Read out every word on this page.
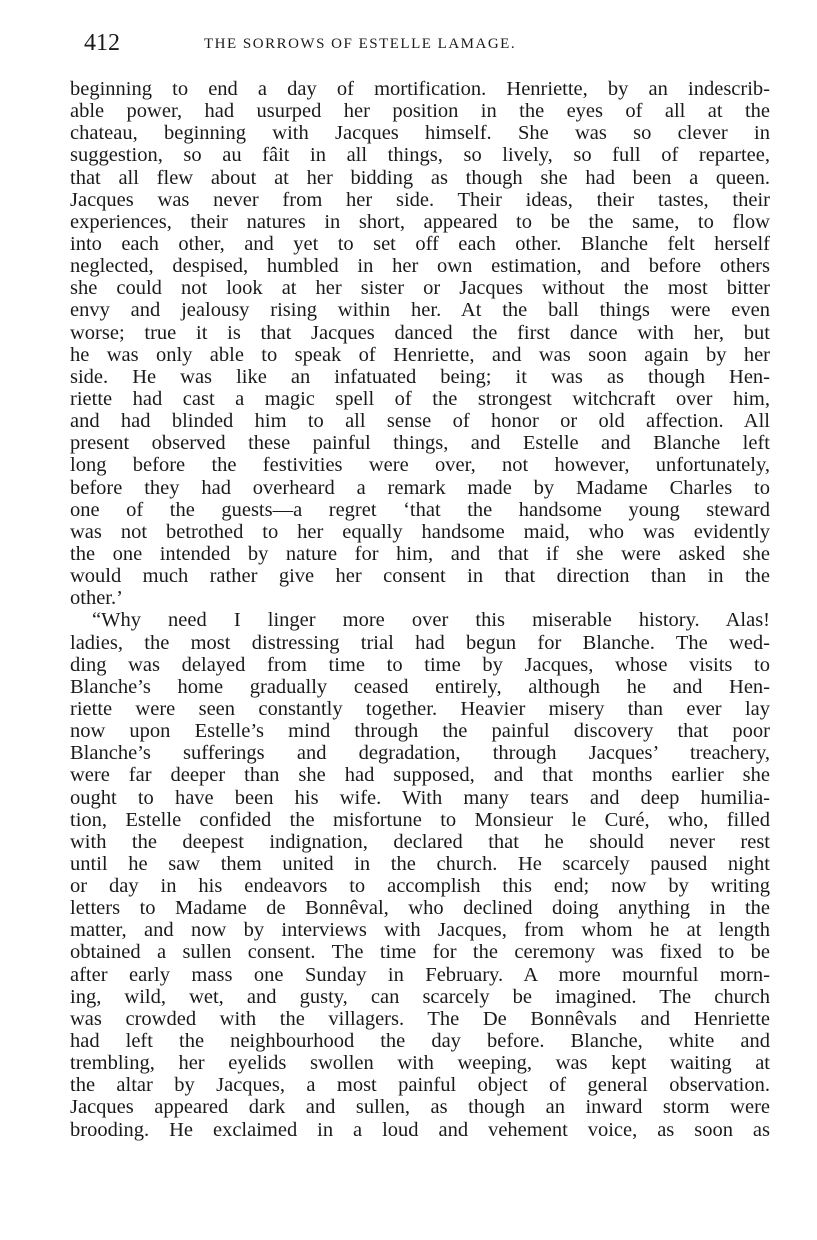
412	THE SORROWS OF ESTELLE LAMAGE.
beginning to end a day of mortification. Henriette, by an indescrib-
able power, had usurped her position in the eyes of all at the
chateau, beginning with Jacques himself. She was so clever in
suggestion, so au fâit in all things, so lively, so full of repartee,
that all flew about at her bidding as though she had been a queen.
Jacques was never from her side. Their ideas, their tastes, their
experiences, their natures in short, appeared to be the same, to flow
into each other, and yet to set off each other. Blanche felt herself
neglected, despised, humbled in her own estimation, and before others
she could not look at her sister or Jacques without the most bitter
envy and jealousy rising within her. At the ball things were even
worse; true it is that Jacques danced the first dance with her, but
he was only able to speak of Henriette, and was soon again by her
side. He was like an infatuated being; it was as though Hen-
riette had cast a magic spell of the strongest witchcraft over him,
and had blinded him to all sense of honor or old affection. All
present observed these painful things, and Estelle and Blanche left
long before the festivities were over, not however, unfortunately,
before they had overheard a remark made by Madame Charles to
one of the guests—a regret ‘that the handsome young steward
was not betrothed to her equally handsome maid, who was evidently
the one intended by nature for him, and that if she were asked she
would much rather give her consent in that direction than in the
other.’
“Why need I linger more over this miserable history. Alas!
ladies, the most distressing trial had begun for Blanche. The wed-
ding was delayed from time to time by Jacques, whose visits to
Blanche’s home gradually ceased entirely, although he and Hen-
riette were seen constantly together. Heavier misery than ever lay
now upon Estelle’s mind through the painful discovery that poor
Blanche’s sufferings and degradation, through Jacques’ treachery,
were far deeper than she had supposed, and that months earlier she
ought to have been his wife. With many tears and deep humilia-
tion, Estelle confided the misfortune to Monsieur le Curé, who, filled
with the deepest indignation, declared that he should never rest
until he saw them united in the church. He scarcely paused night
or day in his endeavors to accomplish this end; now by writing
letters to Madame de Bonnêval, who declined doing anything in the
matter, and now by interviews with Jacques, from whom he at length
obtained a sullen consent. The time for the ceremony was fixed to be
after early mass one Sunday in February. A more mournful morn-
ing, wild, wet, and gusty, can scarcely be imagined. The church
was crowded with the villagers. The De Bonnêvals and Henriette
had left the neighbourhood the day before. Blanche, white and
trembling, her eyelids swollen with weeping, was kept waiting at
the altar by Jacques, a most painful object of general observation.
Jacques appeared dark and sullen, as though an inward storm were
brooding. He exclaimed in a loud and vehement voice, as soon as
